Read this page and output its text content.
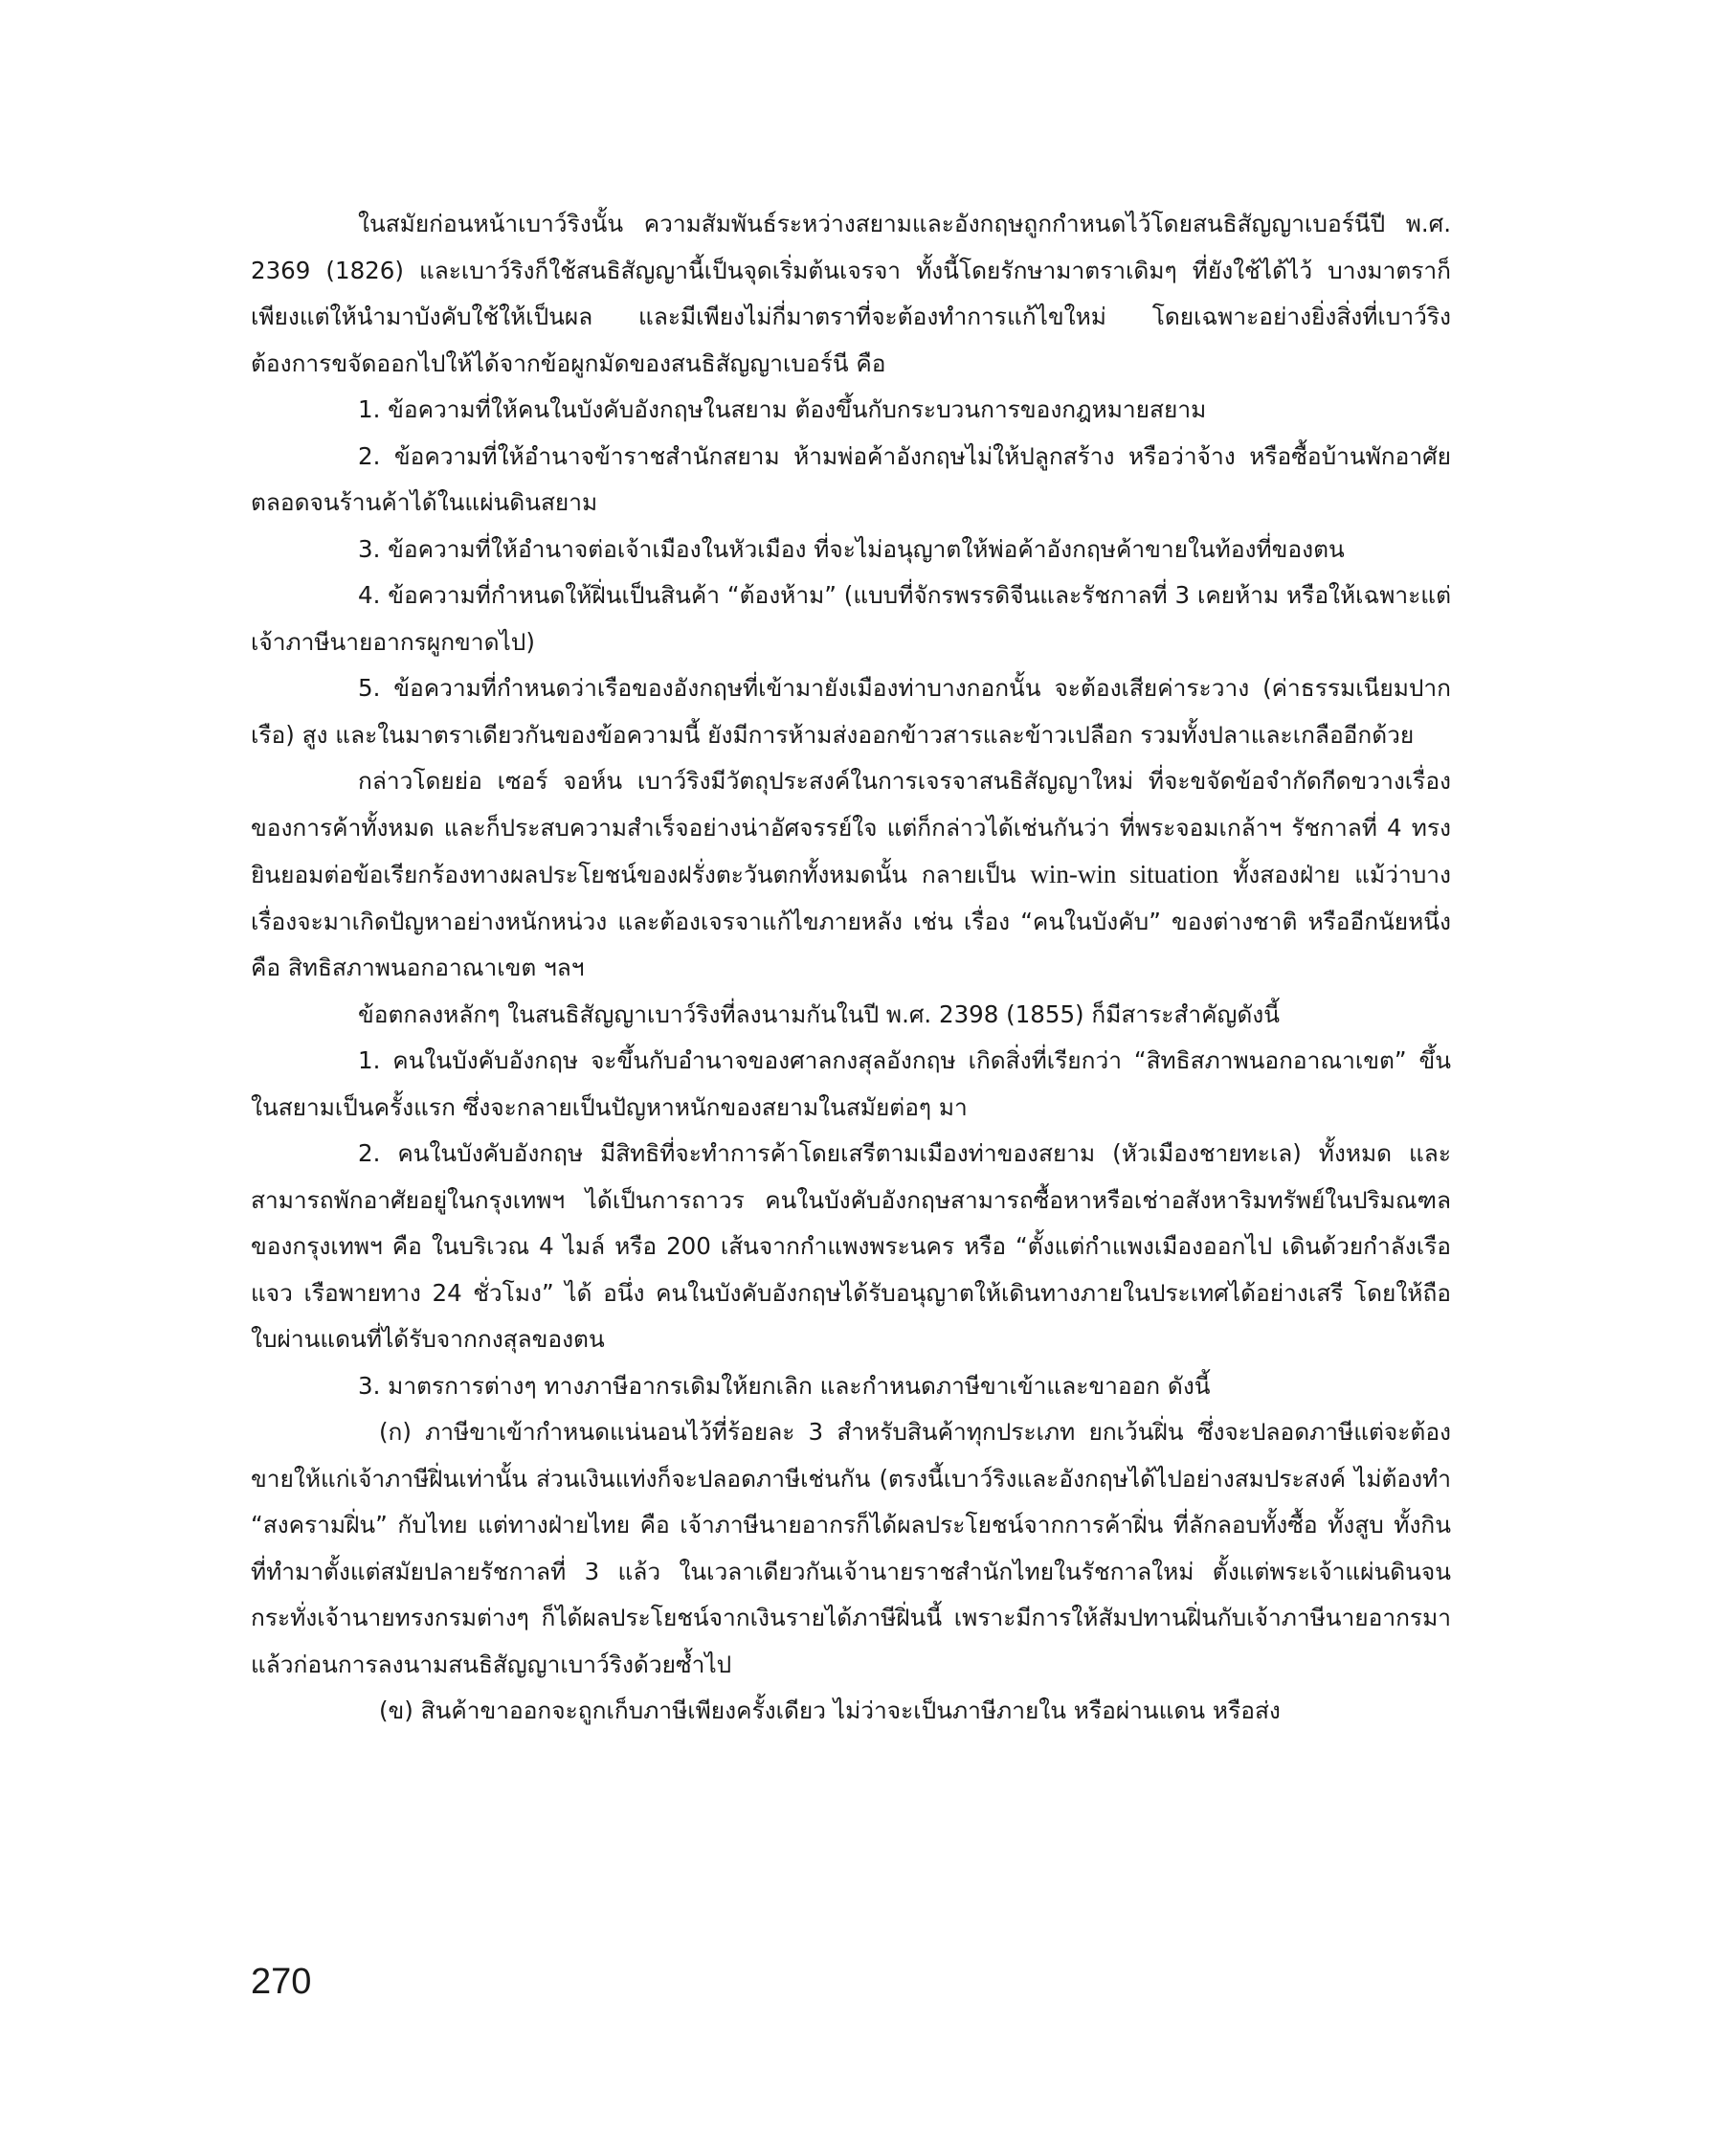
ในสมัยก่อนหน้าเบาว์ริงนั้น ความสัมพันธ์ระหว่างสยามและอังกฤษถูกกำหนดไว้โดยสนธิสัญญาเบอร์นีปี พ.ศ. 2369 (1826) และเบาว์ริงก็ใช้สนธิสัญญานี้เป็นจุดเริ่มต้นเจรจา ทั้งนี้โดยรักษามาตราเดิมๆ ที่ยังใช้ได้ไว้ บางมาตราก็เพียงแต่ให้นำมาบังคับใช้ให้เป็นผล และมีเพียงไม่กี่มาตราที่จะต้องทำการแก้ไขใหม่ โดยเฉพาะอย่างยิ่งสิ่งที่เบาว์ริงต้องการขจัดออกไปให้ได้จากข้อผูกมัดของสนธิสัญญาเบอร์นี คือ

1. ข้อความที่ให้คนในบังคับอังกฤษในสยาม ต้องขึ้นกับกระบวนการของกฎหมายสยาม

2. ข้อความที่ให้อำนาจข้าราชสำนักสยาม ห้ามพ่อค้าอังกฤษไม่ให้ปลูกสร้าง หรือว่าจ้าง หรือซื้อบ้านพักอาศัย ตลอดจนร้านค้าได้ในแผ่นดินสยาม

3. ข้อความที่ให้อำนาจต่อเจ้าเมืองในหัวเมือง ที่จะไม่อนุญาตให้พ่อค้าอังกฤษค้าขายในท้องที่ของตน

4. ข้อความที่กำหนดให้ฝิ่นเป็นสินค้า “ต้องห้าม” (แบบที่จักรพรรดิจีนและรัชกาลที่ 3 เคยห้าม หรือให้เฉพาะแต่เจ้าภาษีนายอากรผูกขาดไป)

5. ข้อความที่กำหนดว่าเรือของอังกฤษที่เข้ามายังเมืองท่าบางกอกนั้น จะต้องเสียค่าระวาง (ค่าธรรมเนียมปากเรือ) สูง และในมาตราเดียวกันของข้อความนี้ ยังมีการห้ามส่งออกข้าวสารและข้าวเปลือก รวมทั้งปลาและเกลืออีกด้วย

กล่าวโดยย่อ เซอร์ จอห์น เบาว์ริงมีวัตถุประสงค์ในการเจรจาสนธิสัญญาใหม่ ที่จะขจัดข้อจำกัดกีดขวางเรื่องของการค้าทั้งหมด และก็ประสบความสำเร็จอย่างน่าอัศจรรย์ใจ แต่ก็กล่าวได้เช่นกันว่า ที่พระจอมเกล้าฯ รัชกาลที่ 4 ทรงยินยอมต่อข้อเรียกร้องทางผลประโยชน์ของฝรั่งตะวันตกทั้งหมดนั้น กลายเป็น win-win situation ทั้งสองฝ่าย แม้ว่าบางเรื่องจะมาเกิดปัญหาอย่างหนักหน่วง และต้องเจรจาแก้ไขภายหลัง เช่น เรื่อง “คนในบังคับ” ของต่างชาติ หรืออีกนัยหนึ่ง คือ สิทธิสภาพนอกอาณาเขต ฯลฯ

ข้อตกลงหลักๆ ในสนธิสัญญาเบาว์ริงที่ลงนามกันในปี พ.ศ. 2398 (1855) ก็มีสาระสำคัญดังนี้

1. คนในบังคับอังกฤษ จะขึ้นกับอำนาจของศาลกงสุลอังกฤษ เกิดสิ่งที่เรียกว่า “สิทธิสภาพนอกอาณาเขต” ขึ้นในสยามเป็นครั้งแรก ซึ่งจะกลายเป็นปัญหาหนักของสยามในสมัยต่อๆ มา

2. คนในบังคับอังกฤษ มีสิทธิที่จะทำการค้าโดยเสรีตามเมืองท่าของสยาม (หัวเมืองชายทะเล) ทั้งหมด และสามารถพักอาศัยอยู่ในกรุงเทพฯ ได้เป็นการถาวร คนในบังคับอังกฤษสามารถซื้อหาหรือเช่าอสังหาริมทรัพย์ในปริมณฑลของกรุงเทพฯ คือ ในบริเวณ 4 ไมล์ หรือ 200 เส้นจากกำแพงพระนคร หรือ “ตั้งแต่กำแพงเมืองออกไป เดินด้วยกำลังเรือแจว เรือพายทาง 24 ชั่วโมง” ได้ อนึ่ง คนในบังคับอังกฤษได้รับอนุญาตให้เดินทางภายในประเทศได้อย่างเสรี โดยให้ถือใบผ่านแดนที่ได้รับจากกงสุลของตน

3. มาตรการต่างๆ ทางภาษีอากรเดิมให้ยกเลิก และกำหนดภาษีขาเข้าและขาออก ดังนี้

(ก) ภาษีขาเข้ากำหนดแน่นอนไว้ที่ร้อยละ 3 สำหรับสินค้าทุกประเภท ยกเว้นฝิ่น ซึ่งจะปลอดภาษีแต่จะต้องขายให้แก่เจ้าภาษีฝิ่นเท่านั้น ส่วนเงินแท่งก็จะปลอดภาษีเช่นกัน (ตรงนี้เบาว์ริงและอังกฤษได้ไปอย่างสมประสงค์ ไม่ต้องทำ “สงครามฝิ่น” กับไทย แต่ทางฝ่ายไทย คือ เจ้าภาษีนายอากรก็ได้ผลประโยชน์จากการค้าฝิ่น ที่ลักลอบทั้งซื้อ ทั้งสูบ ทั้งกิน ที่ทำมาตั้งแต่สมัยปลายรัชกาลที่ 3 แล้ว ในเวลาเดียวกันเจ้านายราชสำนักไทยในรัชกาลใหม่ ตั้งแต่พระเจ้าแผ่นดินจนกระทั่งเจ้านายทรงกรมต่างๆ ก็ได้ผลประโยชน์จากเงินรายได้ภาษีฝิ่นนี้ เพราะมีการให้สัมปทานฝิ่นกับเจ้าภาษีนายอากรมาแล้วก่อนการลงนามสนธิสัญญาเบาว์ริงด้วยซ้ำไป

(ข) สินค้าขาออกจะถูกเก็บภาษีเพียงครั้งเดียว ไม่ว่าจะเป็นภาษีภายใน หรือผ่านแดน หรือส่ง

270
